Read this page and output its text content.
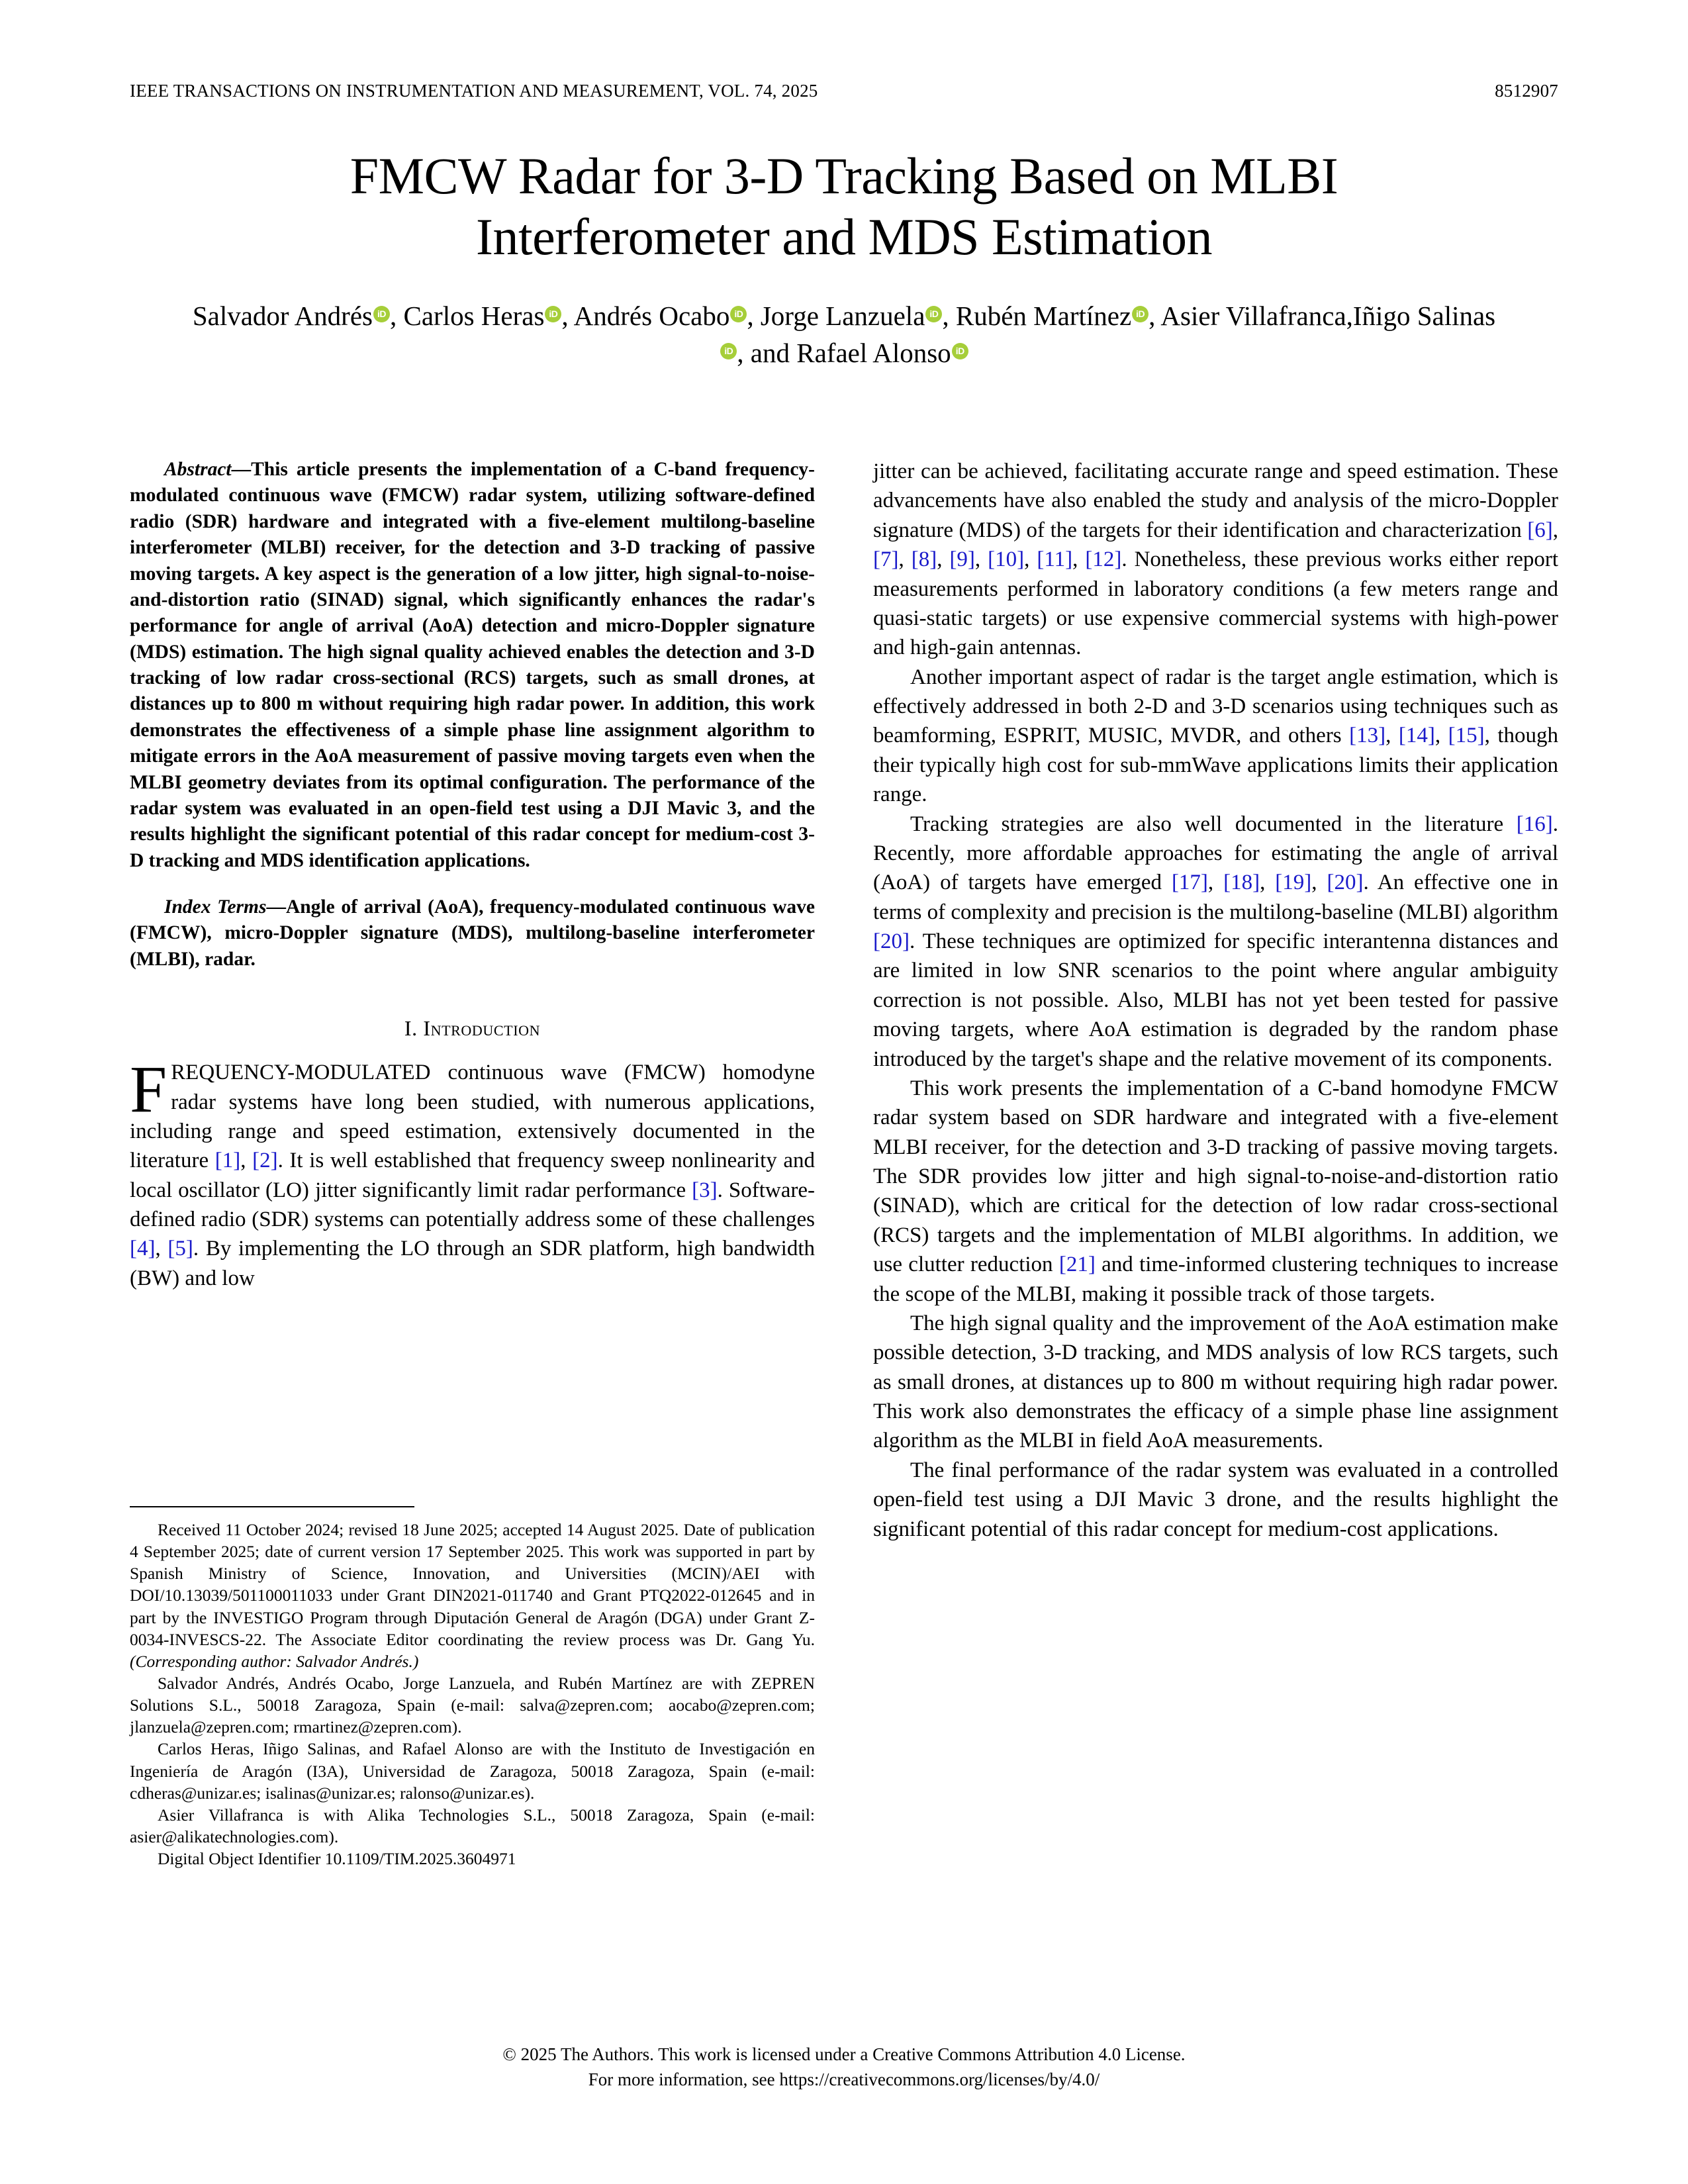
IEEE TRANSACTIONS ON INSTRUMENTATION AND MEASUREMENT, VOL. 74, 2025	8512907
FMCW Radar for 3-D Tracking Based on MLBI
Interferometer and MDS Estimation
Salvador Andrés iD , Carlos Heras iD , Andrés Ocabo iD , Jorge Lanzuela iD , Rubén Martínez iD , Asier Villafranca,Iñigo SalinasiD , and Rafael Alonso iD

Abstract—This article presents the implementation of a C-band frequency-modulated continuous wave (FMCW) radar system, utilizing software-defined radio (SDR) hardware and integrated with a five-element multilong-baseline interferometer (MLBI) receiver, for the detection and 3-D tracking of passive moving targets. A key aspect is the generation of a low jitter, high signal-to-noise-and-distortion ratio (SINAD) signal, which significantly enhances the radar's performance for angle of arrival (AoA) detection and micro-Doppler signature (MDS) estimation. The high signal quality achieved enables the detection and 3-D tracking of low radar cross-sectional (RCS) targets, such as small drones, at distances up to 800 m without requiring high radar power. In addition, this work demonstrates the effectiveness of a simple phase line assignment algorithm to mitigate errors in the AoA measurement of passive moving targets even when the MLBI geometry deviates from its optimal configuration. The performance of the radar system was evaluated in an open-field test using a DJI Mavic 3, and the results highlight the significant potential of this radar concept for medium-cost 3-D tracking and MDS identification applications.

Index Terms—Angle of arrival (AoA), frequency-modulated continuous wave (FMCW), micro-Doppler signature (MDS), multilong-baseline interferometer (MLBI), radar.

I. Introduction

FREQUENCY-MODULATED continuous wave (FMCW) homodyne radar systems have long been studied, with numerous applications, including range and speed estimation, extensively documented in the literature [1], [2]. It is well established that frequency sweep nonlinearity and local oscillator (LO) jitter significantly limit radar performance [3]. Software-defined radio (SDR) systems can potentially address some of these challenges [4], [5]. By implementing the LO through an SDR platform, high bandwidth (BW) and low

Received 11 October 2024; revised 18 June 2025; accepted 14 August 2025. Date of publication 4 September 2025; date of current version 17 September 2025. This work was supported in part by Spanish Ministry of Science, Innovation, and Universities (MCIN)/AEI with DOI/10.13039/501100011033 under Grant DIN2021-011740 and Grant PTQ2022-012645 and in part by the INVESTIGO Program through Diputación General de Aragón (DGA) under Grant Z-0034-INVESCS-22. The Associate Editor coordinating the review process was Dr. Gang Yu. (Corresponding author: Salvador Andrés.)

Salvador Andrés, Andrés Ocabo, Jorge Lanzuela, and Rubén Martínez are with ZEPREN Solutions S.L., 50018 Zaragoza, Spain (e-mail: salva@zepren.com; aocabo@zepren.com; jlanzuela@zepren.com; rmartinez@zepren.com).

Carlos Heras, Iñigo Salinas, and Rafael Alonso are with the Instituto de Investigación en Ingeniería de Aragón (I3A), Universidad de Zaragoza, 50018 Zaragoza, Spain (e-mail: cdheras@unizar.es; isalinas@unizar.es; ralonso@unizar.es).

Asier Villafranca is with Alika Technologies S.L., 50018 Zaragoza, Spain (e-mail: asier@alikatechnologies.com).

Digital Object Identifier 10.1109/TIM.2025.3604971

jitter can be achieved, facilitating accurate range and speed estimation. These advancements have also enabled the study and analysis of the micro-Doppler signature (MDS) of the targets for their identification and characterization [6], [7], [8], [9], [10], [11], [12]. Nonetheless, these previous works either report measurements performed in laboratory conditions (a few meters range and quasi-static targets) or use expensive commercial systems with high-power and high-gain antennas.

Another important aspect of radar is the target angle estimation, which is effectively addressed in both 2-D and 3-D scenarios using techniques such as beamforming, ESPRIT, MUSIC, MVDR, and others [13], [14], [15], though their typically high cost for sub-mmWave applications limits their application range.

Tracking strategies are also well documented in the literature [16]. Recently, more affordable approaches for estimating the angle of arrival (AoA) of targets have emerged [17], [18], [19], [20]. An effective one in terms of complexity and precision is the multilong-baseline (MLBI) algorithm [20]. These techniques are optimized for specific interantenna distances and are limited in low SNR scenarios to the point where angular ambiguity correction is not possible. Also, MLBI has not yet been tested for passive moving targets, where AoA estimation is degraded by the random phase introduced by the target's shape and the relative movement of its components.

This work presents the implementation of a C-band homodyne FMCW radar system based on SDR hardware and integrated with a five-element MLBI receiver, for the detection and 3-D tracking of passive moving targets. The SDR provides low jitter and high signal-to-noise-and-distortion ratio (SINAD), which are critical for the detection of low radar cross-sectional (RCS) targets and the implementation of MLBI algorithms. In addition, we use clutter reduction [21] and time-informed clustering techniques to increase the scope of the MLBI, making it possible track of those targets.

The high signal quality and the improvement of the AoA estimation make possible detection, 3-D tracking, and MDS analysis of low RCS targets, such as small drones, at distances up to 800 m without requiring high radar power. This work also demonstrates the efficacy of a simple phase line assignment algorithm as the MLBI in field AoA measurements.

The final performance of the radar system was evaluated in a controlled open-field test using a DJI Mavic 3 drone, and the results highlight the significant potential of this radar concept for medium-cost applications.

© 2025 The Authors. This work is licensed under a Creative Commons Attribution 4.0 License.
For more information, see https://creativecommons.org/licenses/by/4.0/
